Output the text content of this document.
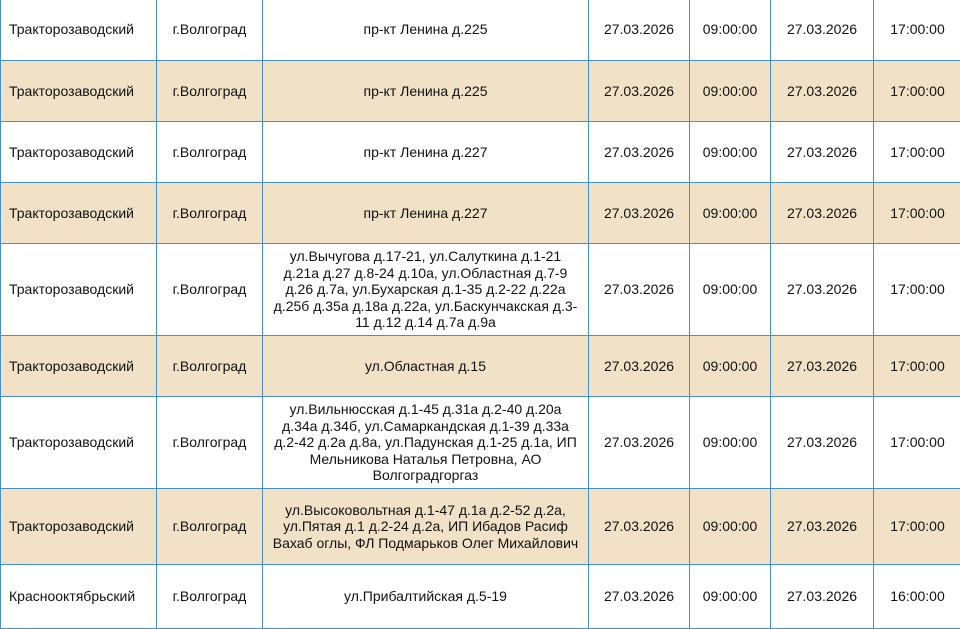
Тракторозаводский	г.Волгоград	пр-кт Ленина д.225	27.03.2026	09:00:00	27.03.2026	17:00:00
Тракторозаводский	г.Волгоград	пр-кт Ленина д.225	27.03.2026	09:00:00	27.03.2026	17:00:00
Тракторозаводский	г.Волгоград	пр-кт Ленина д.227	27.03.2026	09:00:00	27.03.2026	17:00:00
Тракторозаводский	г.Волгоград	пр-кт Ленина д.227	27.03.2026	09:00:00	27.03.2026	17:00:00
Тракторозаводский	г.Волгоград	ул.Вычугова д.17-21, ул.Салуткина д.1-21 д.21а д.27 д.8-24 д.10а, ул.Областная д.7-9 д.26 д.7а, ул.Бухарская д.1-35 д.2-22 д.22а д.25б д.35а д.18а д.22а, ул.Баскунчакская д.3-11 д.12 д.14 д.7а д.9а	27.03.2026	09:00:00	27.03.2026	17:00:00
Тракторозаводский	г.Волгоград	ул.Областная д.15	27.03.2026	09:00:00	27.03.2026	17:00:00
Тракторозаводский	г.Волгоград	ул.Вильнюсская д.1-45 д.31а д.2-40 д.20а д.34а д.34б, ул.Самаркандская д.1-39 д.33а д.2-42 д.2а д.8а, ул.Падунская д.1-25 д.1а, ИП Мельникова Наталья Петровна, АО Волгоградгоргаз	27.03.2026	09:00:00	27.03.2026	17:00:00
Тракторозаводский	г.Волгоград	ул.Высоковольтная д.1-47 д.1а д.2-52 д.2а, ул.Пятая д.1 д.2-24 д.2а, ИП Ибадов Расиф Вахаб оглы, ФЛ Подмарьков Олег Михайлович	27.03.2026	09:00:00	27.03.2026	17:00:00
Краснооктябрьский	г.Волгоград	ул.Прибалтийская д.5-19	27.03.2026	09:00:00	27.03.2026	16:00:00
